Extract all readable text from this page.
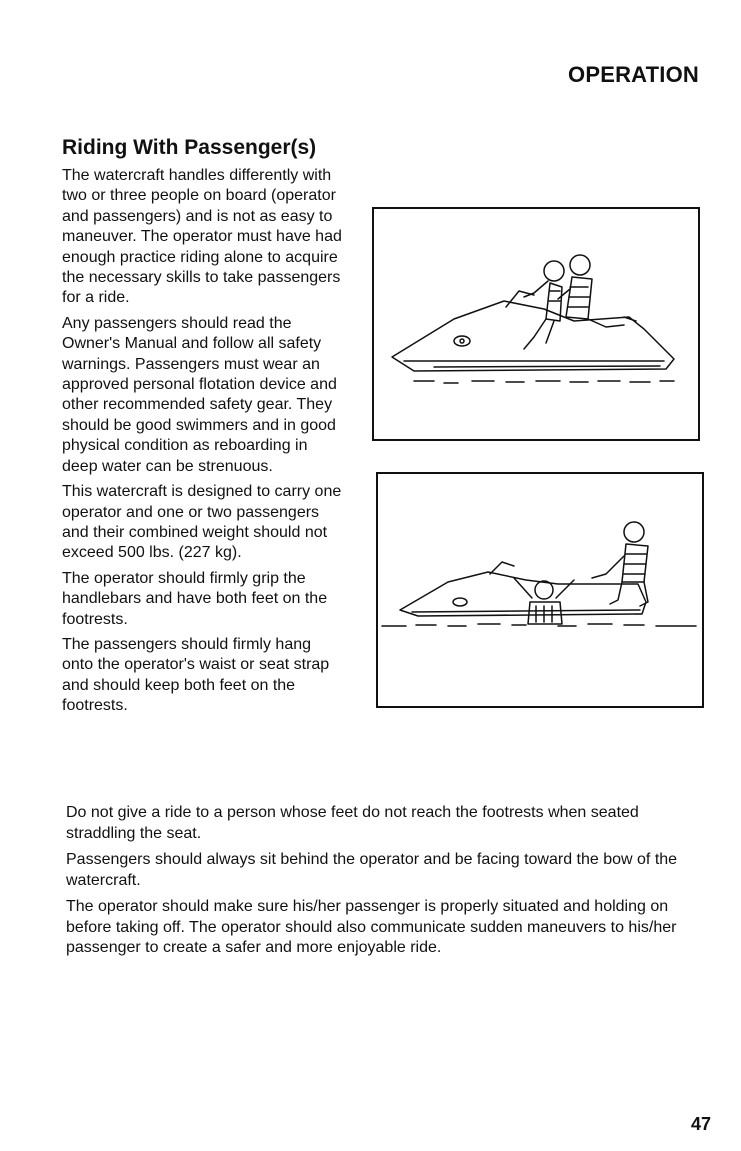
OPERATION
Riding With Passenger(s)

The watercraft handles differently with two or three people on board (operator and passengers) and is not as easy to maneuver. The operator must have had enough practice riding alone to acquire the necessary skills to take passengers for a ride.

Any passengers should read the Owner's Manual and follow all safety warnings. Passengers must wear an approved personal flotation device and other recommended safety gear. They should be good swimmers and in good physical condition as reboarding in deep water can be strenuous.

This watercraft is designed to carry one operator and one or two passengers and their combined weight should not exceed 500 lbs. (227 kg).

The operator should firmly grip the handlebars and have both feet on the footrests.

The passengers should firmly hang onto the operator's waist or seat strap and should keep both feet on the footrests.

Do not give a ride to a person whose feet do not reach the footrests when seated straddling the seat.

Passengers should always sit behind the operator and be facing toward the bow of the watercraft.

The operator should make sure his/her passenger is properly situated and holding on before taking off. The operator should also communicate sudden maneuvers to his/her passenger to create a safer and more enjoyable ride.

47
